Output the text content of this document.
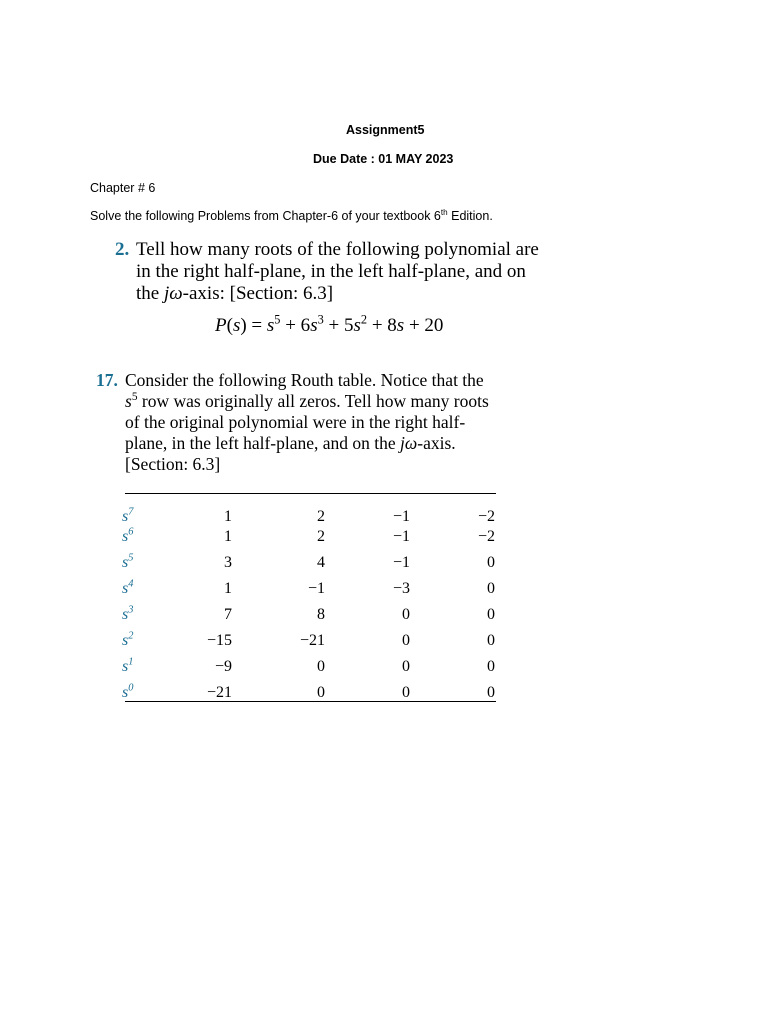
Assignment5
Due Date : 01 MAY 2023
Chapter # 6
Solve the following Problems from Chapter-6 of your textbook 6th Edition.
2. Tell how many roots of the following polynomial are
in the right half-plane, in the left half-plane, and on
the jω-axis: [Section: 6.3]
$P(s) = s^5 + 6s^3 + 5s^2 + 8s + 20$
17. Consider the following Routh table. Notice that the
$s^5$ row was originally all zeros. Tell how many roots
of the original polynomial were in the right half-
plane, in the left half-plane, and on the jω-axis.
[Section: 6.3]
$s^7$	1	2	−1	−2
$s^6$	1	2	−1	−2
$s^5$	3	4	−1	0
$s^4$	1	−1	−3	0
$s^3$	7	8	0	0
$s^2$	−15	−21	0	0
$s^1$	−9	0	0	0
$s^0$	−21	0	0	0
